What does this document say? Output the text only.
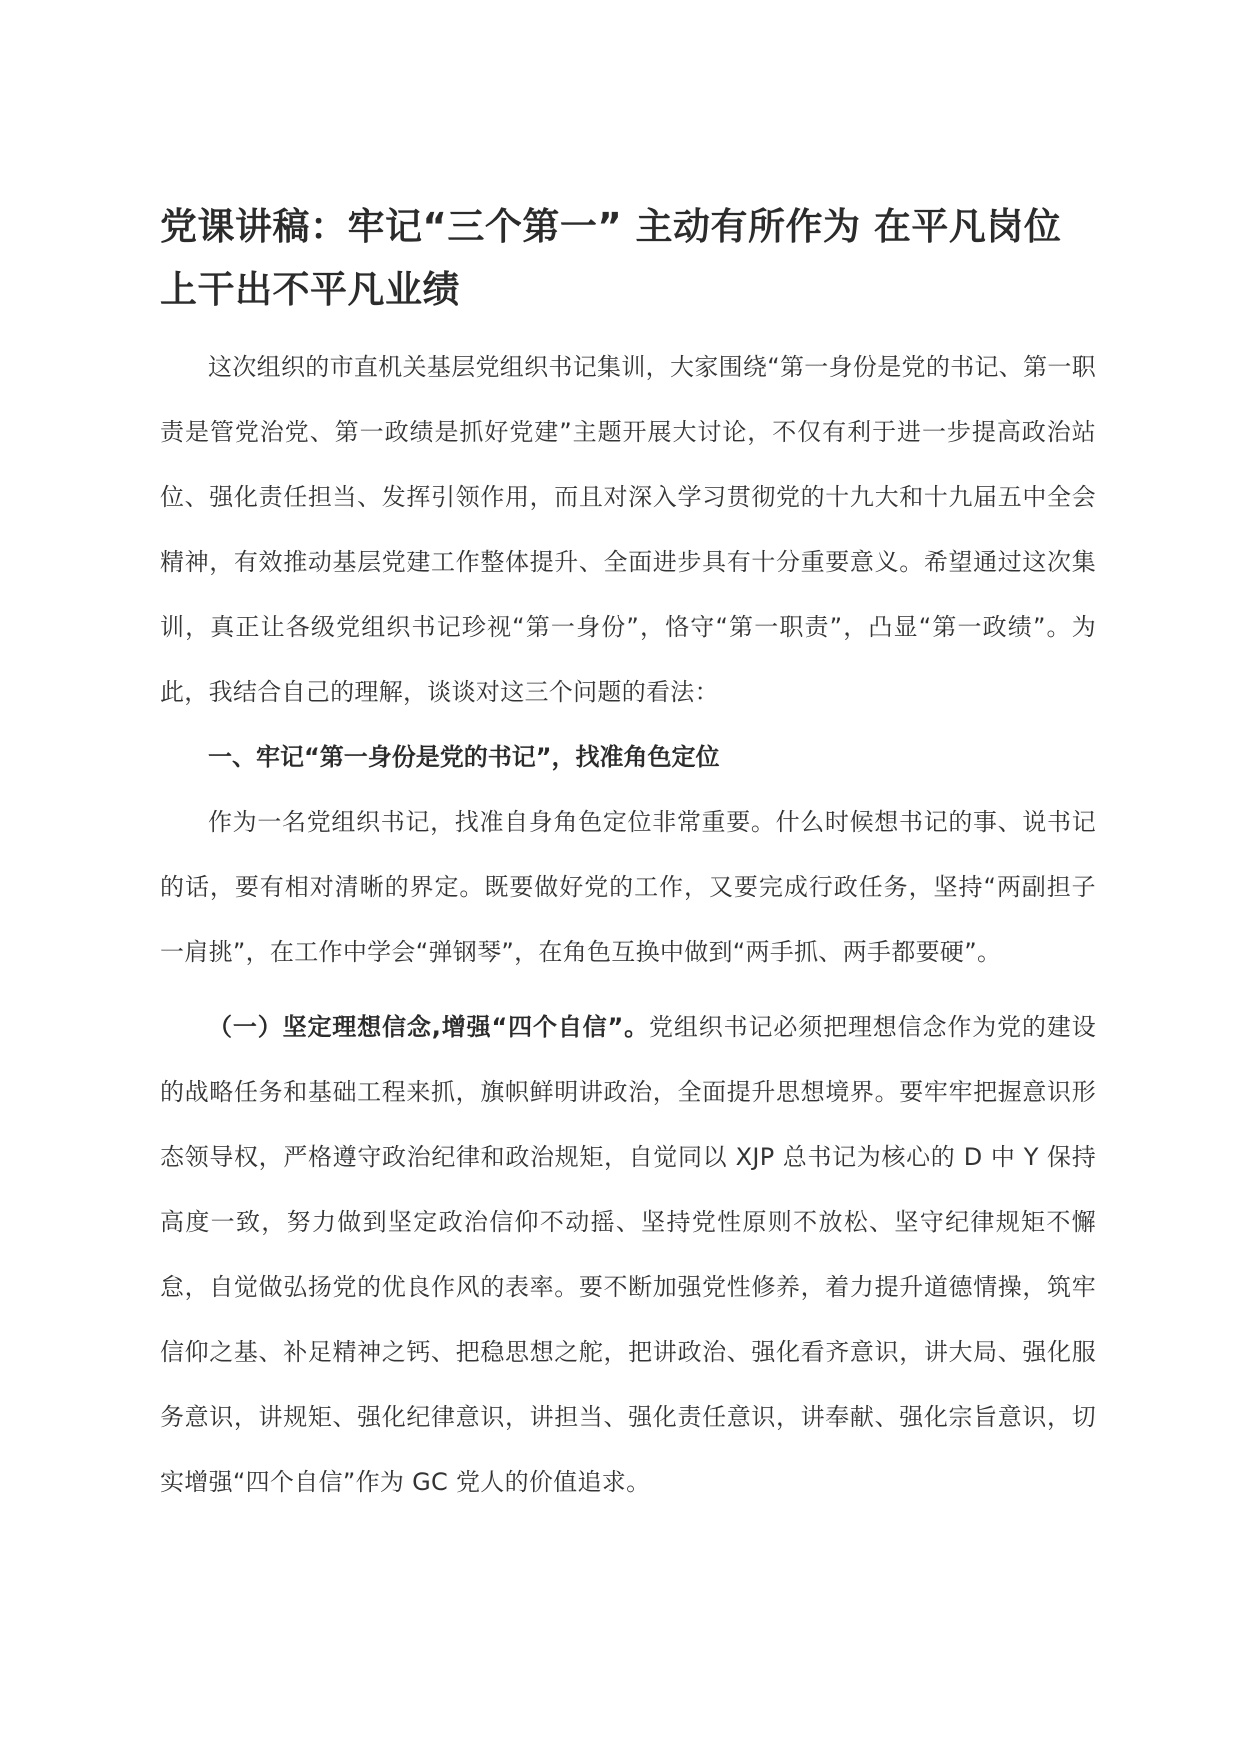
党课讲稿：牢记“三个第一” 主动有所作为 在平凡岗位上干出不平凡业绩

这次组织的市直机关基层党组织书记集训，大家围绕“第一身份是党的书记、第一职责是管党治党、第一政绩是抓好党建”主题开展大讨论，不仅有利于进一步提高政治站位、强化责任担当、发挥引领作用，而且对深入学习贯彻党的十九大和十九届五中全会精神，有效推动基层党建工作整体提升、全面进步具有十分重要意义。希望通过这次集训，真正让各级党组织书记珍视“第一身份”，恪守“第一职责”，凸显“第一政绩”。为此，我结合自己的理解，谈谈对这三个问题的看法：

一、牢记“第一身份是党的书记”，找准角色定位

作为一名党组织书记，找准自身角色定位非常重要。什么时候想书记的事、说书记的话，要有相对清晰的界定。既要做好党的工作，又要完成行政任务，坚持“两副担子一肩挑”，在工作中学会“弹钢琴”，在角色互换中做到“两手抓、两手都要硬”。

（一）坚定理想信念,增强“四个自信”。党组织书记必须把理想信念作为党的建设的战略任务和基础工程来抓，旗帜鲜明讲政治，全面提升思想境界。要牢牢把握意识形态领导权，严格遵守政治纪律和政治规矩，自觉同以 XJP 总书记为核心的 D 中 Y 保持高度一致，努力做到坚定政治信仰不动摇、坚持党性原则不放松、坚守纪律规矩不懈怠，自觉做弘扬党的优良作风的表率。要不断加强党性修养，着力提升道德情操，筑牢信仰之基、补足精神之钙、把稳思想之舵，把讲政治、强化看齐意识，讲大局、强化服务意识，讲规矩、强化纪律意识，讲担当、强化责任意识，讲奉献、强化宗旨意识，切实增强“四个自信”作为 GC 党人的价值追求。
